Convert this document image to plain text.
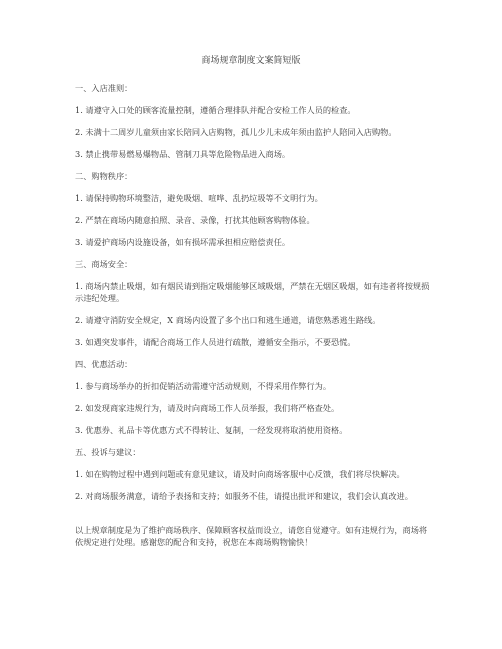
商场规章制度文案简短版
一、入店准则：
1. 请遵守入口处的顾客流量控制，遵循合理排队并配合安检工作人员的检查。
2. 未满十二周岁儿童须由家长陪同入店购物，孤儿少儿未成年须由监护人陪同入店购物。
3. 禁止携带易燃易爆物品、管制刀具等危险物品进入商场。
二、购物秩序：
1. 请保持购物环境整洁，避免吸烟、喧哗、乱扔垃圾等不文明行为。
2. 严禁在商场内随意拍照、录音、录像，打扰其他顾客购物体验。
3. 请爱护商场内设施设备，如有损坏需承担相应赔偿责任。
三、商场安全：
1. 商场内禁止吸烟，如有烟民请到指定吸烟能够区域吸烟，严禁在无烟区吸烟，如有违者将按规损示违纪处理。
2. 请遵守消防安全规定，X 商场内设置了多个出口和逃生通道，请您熟悉逃生路线。
3. 如遇突发事件，请配合商场工作人员进行疏散，遵循安全指示，不要恐慌。
四、优惠活动：
1. 参与商场举办的折扣促销活动需遵守活动规则，不得采用作弊行为。
2. 如发现商家违规行为，请及时向商场工作人员举报，我们将严格查处。
3. 优惠券、礼品卡等优惠方式不得转让、复制，一经发现将取消使用资格。
五、投诉与建议：
1. 如在购物过程中遇到问题或有意见建议，请及时向商场客服中心反馈，我们将尽快解决。
2. 对商场服务满意，请给予表扬和支持；如服务不佳，请提出批评和建议，我们会认真改进。
以上规章制度是为了维护商场秩序、保障顾客权益而设立，请您自觉遵守。如有违规行为，商场将依规定进行处理。感谢您的配合和支持，祝您在本商场购物愉快！
